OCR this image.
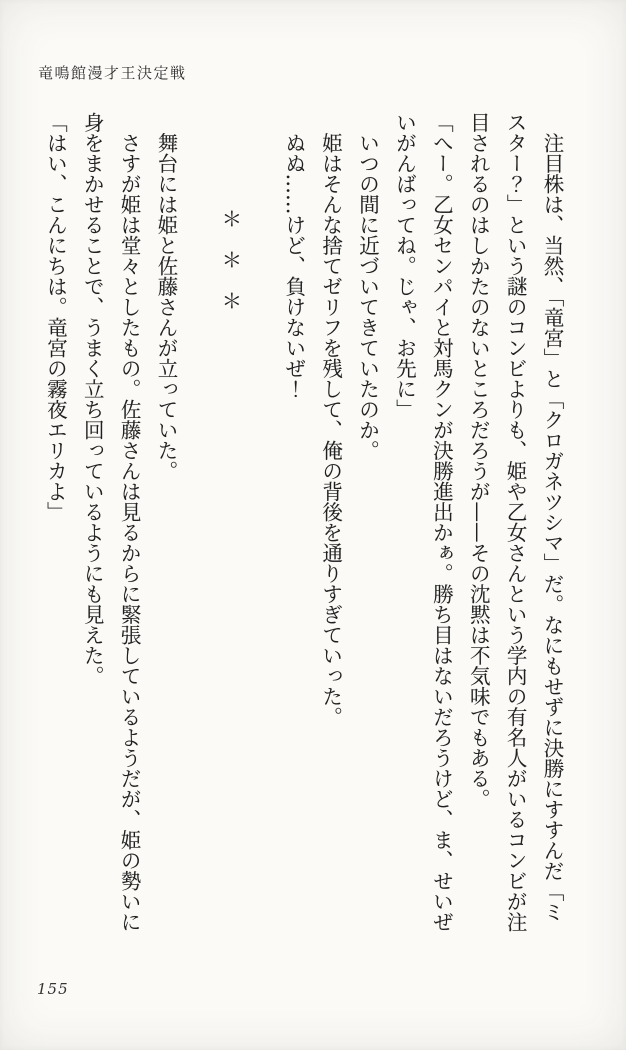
竜鳴館漫才王決定戦

　注目株は、当然、「竜宮」と「クロガネツシマ」だ。なにもせずに決勝にすすんだ「ミスター？」という謎のコンビよりも、姫や乙女さんという学内の有名人がいるコンビが注目されるのはしかたのないところだろうが——その沈黙は不気味でもある。

「へー。乙女センパイと対馬クンが決勝進出かぁ。勝ち目はないだろうけど、ま、せいぜいがんばってね。じゃ、お先に」

　いつの間に近づいてきていたのか。

　姫はそんな捨てゼリフを残して、俺の背後を通りすぎていった。

　ぬぬ……けど、負けないぜ！

＊　＊　＊

　舞台には姫と佐藤さんが立っていた。

　さすが姫は堂々としたもの。佐藤さんは見るからに緊張しているようだが、姫の勢いに身をまかせることで、うまく立ち回っているようにも見えた。

「はい、こんにちは。竜宮の霧夜エリカよ」

155
